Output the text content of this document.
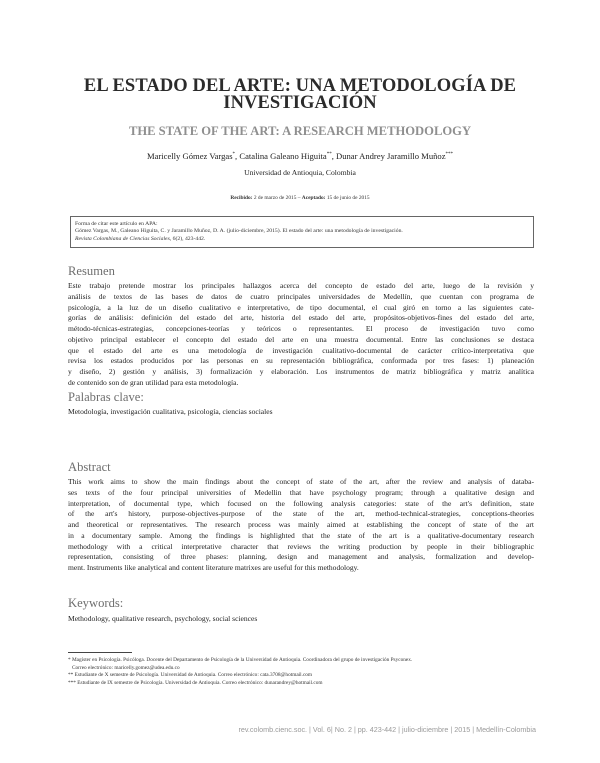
EL ESTADO DEL ARTE: UNA METODOLOGÍA DE
INVESTIGACIÓN
THE STATE OF THE ART: A RESEARCH METHODOLOGY
Maricelly Gómez Vargas*, Catalina Galeano Higuita**, Dunar Andrey Jaramillo Muñoz***
Universidad de Antioquia, Colombia
Recibido: 2 de marzo de 2015 – Aceptado: 15 de junio de 2015
Forma de citar este artículo en APA:
Gómez Vargas, M., Galeano Higuita, C. y Jaramillo Muñoz, D. A. (julio-diciembre, 2015). El estado del arte: una metodología de investigación.
Revista Colombiana de Ciencias Sociales, 6(2), 423-442.
Resumen
Este trabajo pretende mostrar los principales hallazgos acerca del concepto de estado del arte, luego de la revisión y
análisis de textos de las bases de datos de cuatro principales universidades de Medellín, que cuentan con programa de
psicología, a la luz de un diseño cualitativo e interpretativo, de tipo documental, el cual giró en torno a las siguientes cate-
gorías de análisis: definición del estado del arte, historia del estado del arte, propósitos-objetivos-fines del estado del arte,
método-técnicas-estrategias, concepciones-teorías y teóricos o representantes. El proceso de investigación tuvo como
objetivo principal establecer el concepto del estado del arte en una muestra documental. Entre las conclusiones se destaca
que el estado del arte es una metodología de investigación cualitativo-documental de carácter crítico-interpretativa que
revisa los estados producidos por las personas en su representación bibliográfica, conformada por tres fases: 1) planeación
y diseño, 2) gestión y análisis, 3) formalización y elaboración. Los instrumentos de matriz bibliográfica y matriz analítica
de contenido son de gran utilidad para esta metodología.
Palabras clave:
Metodología, investigación cualitativa, psicología, ciencias sociales
Abstract
This work aims to show the main findings about the concept of state of the art, after the review and analysis of databa-
ses texts of the four principal universities of Medellin that have psychology program; through a qualitative design and
interpretation, of documental type, which focused on the following analysis categories: state of the art's definition, state
of the art's history, purpose-objectives-purpose of the state of the art, method-technical-strategies, conceptions-theories
and theoretical or representatives. The research process was mainly aimed at establishing the concept of state of the art
in a documentary sample. Among the findings is highlighted that the state of the art is a qualitative-documentary research
methodology with a critical interpretative character that reviews the writing production by people in their bibliographic
representation, consisting of three phases: planning, design and management and analysis, formalization and develop-
ment. Instruments like analytical and content literature matrixes are useful for this methodology.
Keywords:
Methodology, qualitative research, psychology, social sciences
* Magíster en Psicología. Psicóloga. Docente del Departamento de Psicología de la Universidad de Antioquia. Coordinadora del grupo de investigación Psyconex.
Correo electrónico: maricelly.gomez@udea.edu.co
** Estudiante de X semestre de Psicología. Universidad de Antioquia. Correo electrónico: cata.3708@hotmail.com
*** Estudiante de IX semestre de Psicología. Universidad de Antioquia. Correo electrónico: dunarandrey@hotmail.com
rev.colomb.cienc.soc. | Vol. 6| No. 2 | pp. 423-442 | julio-diciembre | 2015 | Medellín-Colombia
